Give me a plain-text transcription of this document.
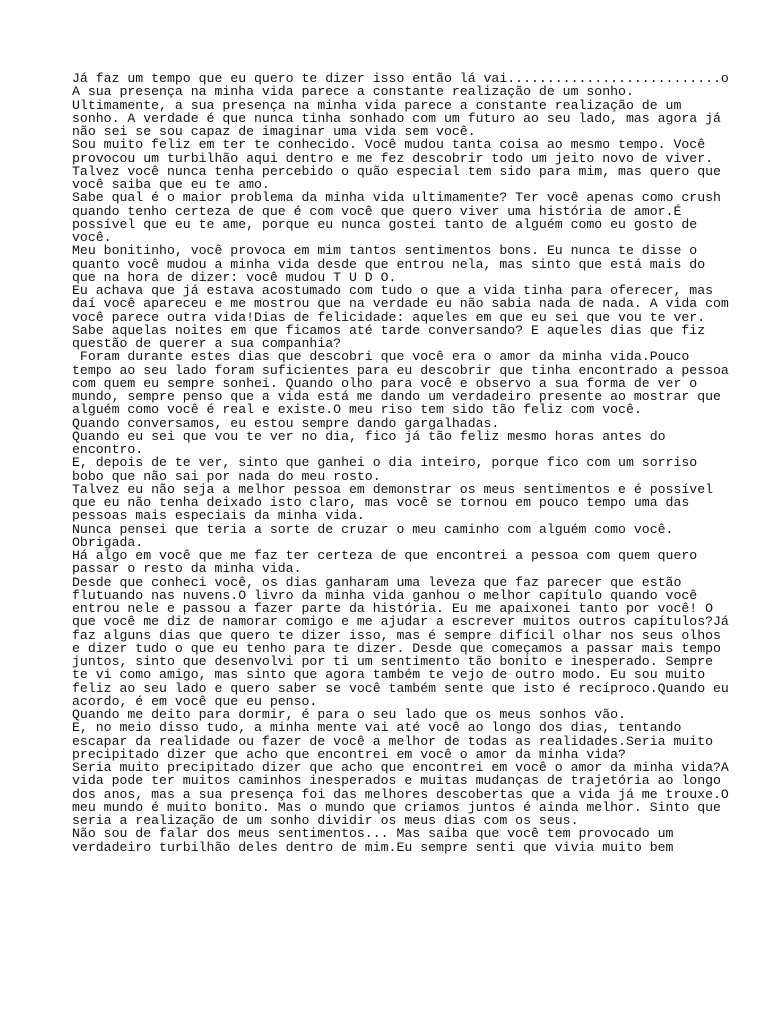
Já faz um tempo que eu quero te dizer isso então lá vai...........................o
A sua presença na minha vida parece a constante realização de um sonho.
Ultimamente, a sua presença na minha vida parece a constante realização de um
sonho. A verdade é que nunca tinha sonhado com um futuro ao seu lado, mas agora já
não sei se sou capaz de imaginar uma vida sem você.
Sou muito feliz em ter te conhecido. Você mudou tanta coisa ao mesmo tempo. Você
provocou um turbilhão aqui dentro e me fez descobrir todo um jeito novo de viver.
Talvez você nunca tenha percebido o quão especial tem sido para mim, mas quero que
você saiba que eu te amo.
Sabe qual é o maior problema da minha vida ultimamente? Ter você apenas como crush
quando tenho certeza de que é com você que quero viver uma história de amor.É
possível que eu te ame, porque eu nunca gostei tanto de alguém como eu gosto de
você.
Meu bonitinho, você provoca em mim tantos sentimentos bons. Eu nunca te disse o
quanto você mudou a minha vida desde que entrou nela, mas sinto que está mais do
que na hora de dizer: você mudou T U D O.
Eu achava que já estava acostumado com tudo o que a vida tinha para oferecer, mas
daí você apareceu e me mostrou que na verdade eu não sabia nada de nada. A vida com
você parece outra vida!Dias de felicidade: aqueles em que eu sei que vou te ver.
Sabe aquelas noites em que ficamos até tarde conversando? E aqueles dias que fiz
questão de querer a sua companhia?
Foram durante estes dias que descobri que você era o amor da minha vida.Pouco
tempo ao seu lado foram suficientes para eu descobrir que tinha encontrado a pessoa
com quem eu sempre sonhei. Quando olho para você e observo a sua forma de ver o
mundo, sempre penso que a vida está me dando um verdadeiro presente ao mostrar que
alguém como você é real e existe.O meu riso tem sido tão feliz com você.
Quando conversamos, eu estou sempre dando gargalhadas.
Quando eu sei que vou te ver no dia, fico já tão feliz mesmo horas antes do
encontro.
E, depois de te ver, sinto que ganhei o dia inteiro, porque fico com um sorriso
bobo que não sai por nada do meu rosto.
Talvez eu não seja a melhor pessoa em demonstrar os meus sentimentos e é possível
que eu não tenha deixado isto claro, mas você se tornou em pouco tempo uma das
pessoas mais especiais da minha vida.
Nunca pensei que teria a sorte de cruzar o meu caminho com alguém como você.
Obrigada.
Há algo em você que me faz ter certeza de que encontrei a pessoa com quem quero
passar o resto da minha vida.
Desde que conheci você, os dias ganharam uma leveza que faz parecer que estão
flutuando nas nuvens.O livro da minha vida ganhou o melhor capítulo quando você
entrou nele e passou a fazer parte da história. Eu me apaixonei tanto por você! O
que você me diz de namorar comigo e me ajudar a escrever muitos outros capítulos?Já
faz alguns dias que quero te dizer isso, mas é sempre difícil olhar nos seus olhos
e dizer tudo o que eu tenho para te dizer. Desde que começamos a passar mais tempo
juntos, sinto que desenvolvi por ti um sentimento tão bonito e inesperado. Sempre
te vi como amigo, mas sinto que agora também te vejo de outro modo. Eu sou muito
feliz ao seu lado e quero saber se você também sente que isto é recíproco.Quando eu
acordo, é em você que eu penso.
Quando me deito para dormir, é para o seu lado que os meus sonhos vão.
E, no meio disso tudo, a minha mente vai até você ao longo dos dias, tentando
escapar da realidade ou fazer de você a melhor de todas as realidades.Seria muito
precipitado dizer que acho que encontrei em você o amor da minha vida?
Seria muito precipitado dizer que acho que encontrei em você o amor da minha vida?A
vida pode ter muitos caminhos inesperados e muitas mudanças de trajetória ao longo
dos anos, mas a sua presença foi das melhores descobertas que a vida já me trouxe.O
meu mundo é muito bonito. Mas o mundo que criamos juntos é ainda melhor. Sinto que
seria a realização de um sonho dividir os meus dias com os seus.
Não sou de falar dos meus sentimentos... Mas saiba que você tem provocado um
verdadeiro turbilhão deles dentro de mim.Eu sempre senti que vivia muito bem
